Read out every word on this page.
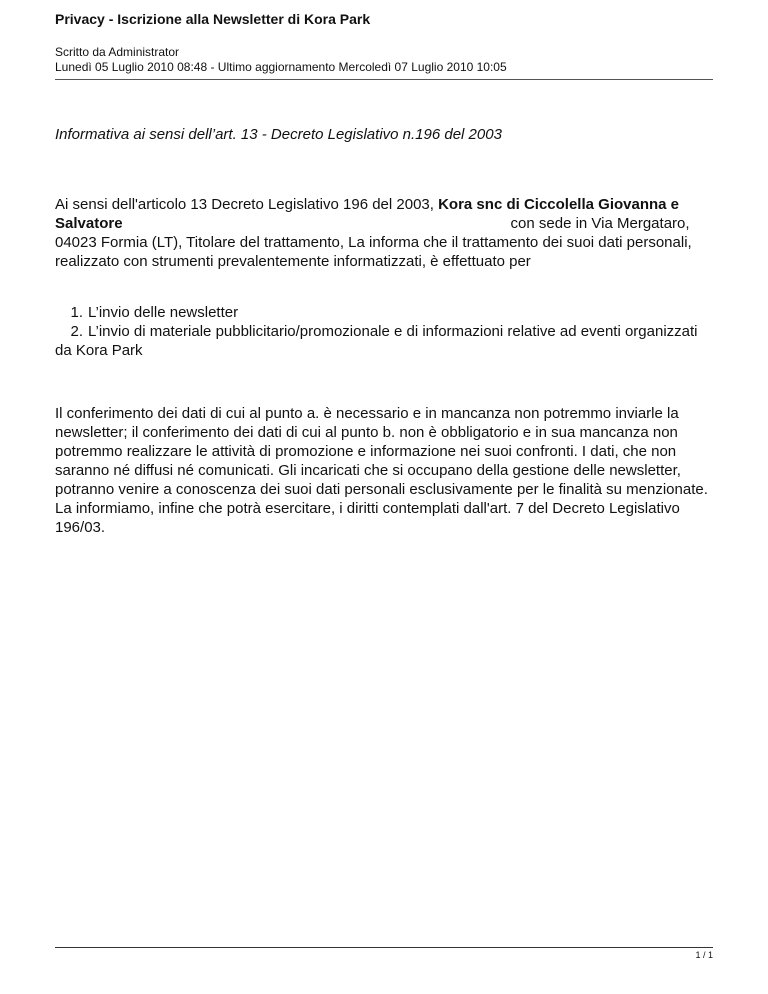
Privacy - Iscrizione alla Newsletter di Kora Park

Scritto da Administrator

Lunedì 05 Luglio 2010 08:48 - Ultimo aggiornamento Mercoledì 07 Luglio 2010 10:05

Informativa ai sensi dell’art. 13 - Decreto Legislativo n.196 del 2003

Ai sensi dell'articolo 13 Decreto Legislativo 196 del 2003, Kora snc di Ciccolella Giovanna e Salvatore	con sede in Via Mergataro, 04023 Formia (LT), Titolare del trattamento, La informa che il trattamento dei suoi dati personali, realizzato con strumenti prevalentemente informatizzati, è effettuato per

1. L’invio delle newsletter
2. L’invio di materiale pubblicitario/promozionale e di informazioni relative ad eventi organizzati da Kora Park

Il conferimento dei dati di cui al punto a. è necessario e in mancanza non potremmo inviarle la newsletter; il conferimento dei dati di cui al punto b. non è obbligatorio e in sua mancanza non potremmo realizzare le attività di promozione e informazione nei suoi confronti. I dati, che non saranno né diffusi né comunicati. Gli incaricati che si occupano della gestione delle newsletter, potranno venire a conoscenza dei suoi dati personali esclusivamente per le finalità su menzionate. La informiamo, infine che potrà esercitare, i diritti contemplati dall'art. 7 del Decreto Legislativo 196/03.

1 / 1
